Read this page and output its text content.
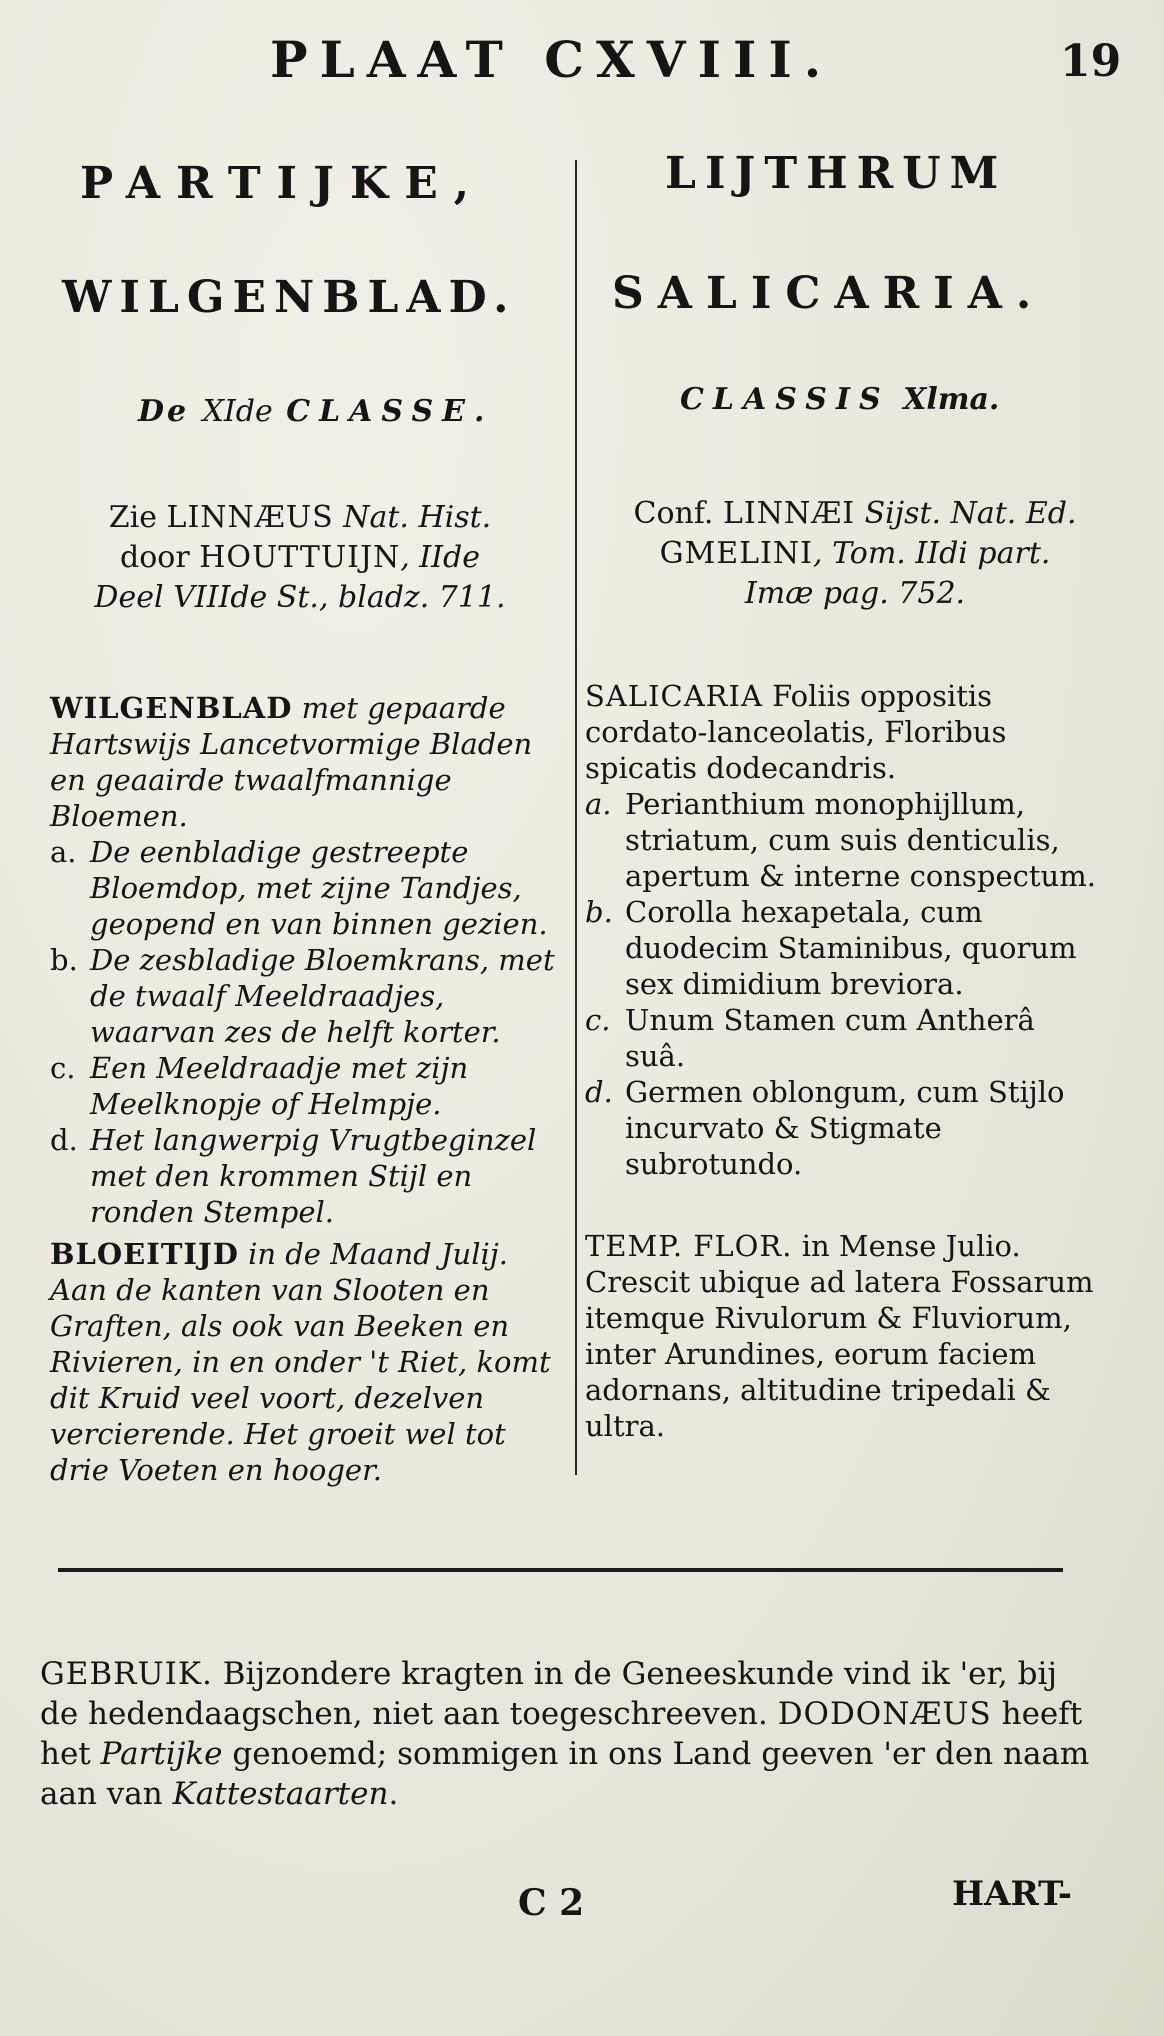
PLAAT CXVIII.	19
PARTIJKE,
WILGENBLAD.
De XIde CLASSE.
LIJTHRUM
SALICARIA.
CLASSIS Xlma.
Zie LINNÆUS Nat. Hist.
door HOUTTUIJN, IIde
Deel VIIIde St., bladz. 711.
Conf. LINNÆI Sijst. Nat. Ed.
GMELINI, Tom. IIdi part.
Imæ pag. 752.
WILGENBLAD met gepaarde Hartswijs Lancetvormige Bladen en geaairde twaalfmannige Bloemen.
a. De eenbladige gestreepte Bloemdop, met zijne Tandjes, geopend en van binnen gezien.
b. De zesbladige Bloemkrans, met de twaalf Meeldraadjes, waarvan zes de helft korter.
c. Een Meeldraadje met zijn Meelknopje of Helmpje.
d. Het langwerpig Vrugtbeginzel met den krommen Stijl en ronden Stempel.
SALICARIA Foliis oppositis cordato-lanceolatis, Floribus spicatis dodecandris.
a. Perianthium monophijllum, striatum, cum suis denticulis, apertum & interne conspectum.
b. Corolla hexapetala, cum duodecim Staminibus, quorum sex dimidium breviora.
c. Unum Stamen cum Antherâ suâ.
d. Germen oblongum, cum Stijlo incurvato & Stigmate subrotundo.
BLOEITIJD in de Maand Julij. Aan de kanten van Slooten en Graften, als ook van Beeken en Rivieren, in en onder 't Riet, komt dit Kruid veel voort, dezelven vercierende. Het groeit wel tot drie Voeten en hooger.
TEMP. FLOR. in Mense Julio. Crescit ubique ad latera Fossarum itemque Rivulorum & Fluviorum, inter Arundines, eorum faciem adornans, altitudine tripedali & ultra.
GEBRUIK. Bijzondere kragten in de Geneeskunde vind ik 'er, bij de hedendaagschen, niet aan toegeschreeven. DODONÆUS heeft het Partijke genoemd; sommigen in ons Land geeven 'er den naam aan van Kattestaarten.
C 2	HART-
